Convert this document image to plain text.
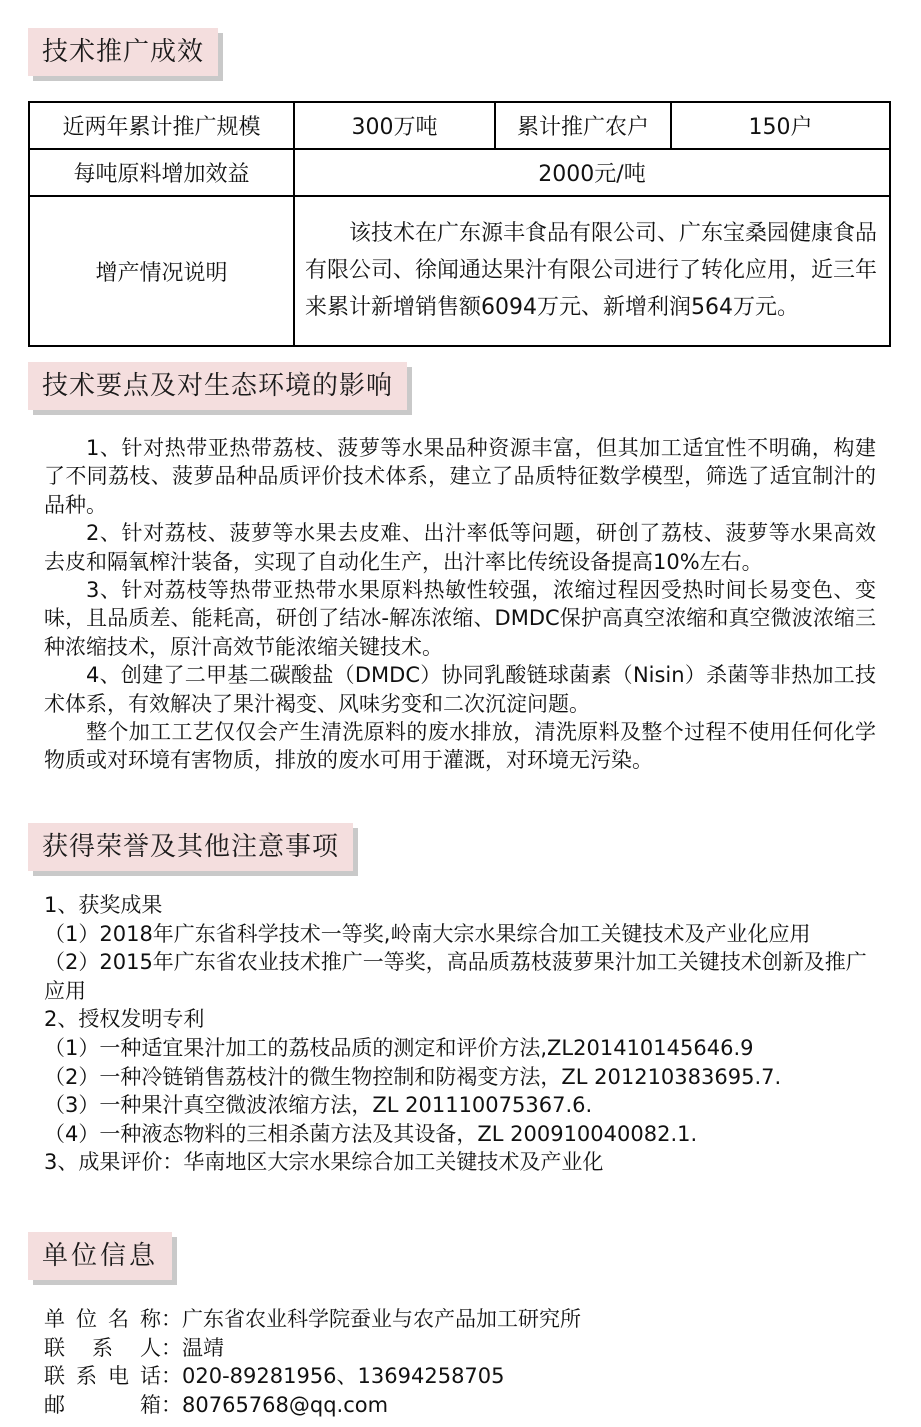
技术推广成效
近两年累计推广规模	300万吨	累计推广农户	150户
每吨原料增加效益	2000元/吨		
增产情况说明	该技术在广东源丰食品有限公司、广东宝桑园健康食品有限公司、徐闻通达果汁有限公司进行了转化应用，近三年来累计新增销售额6094万元、新增利润564万元。		
技术要点及对生态环境的影响

1、针对热带亚热带荔枝、菠萝等水果品种资源丰富，但其加工适宜性不明确，构建了不同荔枝、菠萝品种品质评价技术体系，建立了品质特征数学模型，筛选了适宜制汁的品种。

2、针对荔枝、菠萝等水果去皮难、出汁率低等问题，研创了荔枝、菠萝等水果高效去皮和隔氧榨汁装备，实现了自动化生产，出汁率比传统设备提高10%左右。

3、针对荔枝等热带亚热带水果原料热敏性较强，浓缩过程因受热时间长易变色、变味，且品质差、能耗高，研创了结冰-解冻浓缩、DMDC保护高真空浓缩和真空微波浓缩三种浓缩技术，原汁高效节能浓缩关键技术。

4、创建了二甲基二碳酸盐（DMDC）协同乳酸链球菌素（Nisin）杀菌等非热加工技术体系，有效解决了果汁褐变、风味劣变和二次沉淀问题。

整个加工工艺仅仅会产生清洗原料的废水排放，清洗原料及整个过程不使用任何化学物质或对环境有害物质，排放的废水可用于灌溉，对环境无污染。

获得荣誉及其他注意事项
1、获奖成果
（1）2018年广东省科学技术一等奖,岭南大宗水果综合加工关键技术及产业化应用
（2）2015年广东省农业技术推广一等奖，高品质荔枝菠萝果汁加工关键技术创新及推广应用
2、授权发明专利
（1）一种适宜果汁加工的荔枝品质的测定和评价方法,ZL201410145646.9
（2）一种冷链销售荔枝汁的微生物控制和防褐变方法，ZL 201210383695.7.
（3）一种果汁真空微波浓缩方法，ZL 201110075367.6.
（4）一种液态物料的三相杀菌方法及其设备，ZL 200910040082.1.
3、成果评价：华南地区大宗水果综合加工关键技术及产业化
单位信息
单 位 名 称： 广东省农业科学院蚕业与农产品加工研究所
联 系 人： 温靖
联 系 电 话： 020-89281956、13694258705
邮	箱： 80765768@qq.com
